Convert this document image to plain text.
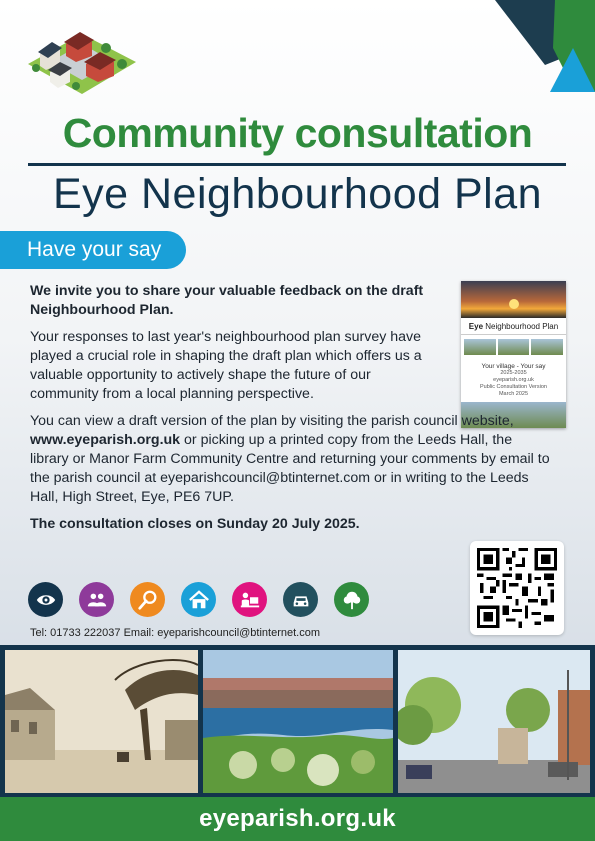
Community consultation
Eye Neighbourhood Plan
Have your say
Eye Neighbourhood Plan
Your village - Your say
2025-2035
eyeparish.org.uk
Public Consultation Version
March 2025

We invite you to share your valuable feedback on the draft Neighbourhood Plan.

Your responses to last year's neighbourhood plan survey have played a crucial role in shaping the draft plan which offers us a valuable opportunity to actively shape the future of our community from a local planning perspective.

You can view a draft version of the plan by visiting the parish council website, www.eyeparish.org.uk or picking up a printed copy from the Leeds Hall, the library or Manor Farm Community Centre and returning your comments by email to the parish council at eyeparishcouncil@btinternet.com or in writing to the Leeds Hall, High Street, Eye, PE6 7UP.

The consultation closes on Sunday 20 July 2025.

Tel: 01733 222037 Email: eyeparishcouncil@btinternet.com
eyeparish.org.uk
